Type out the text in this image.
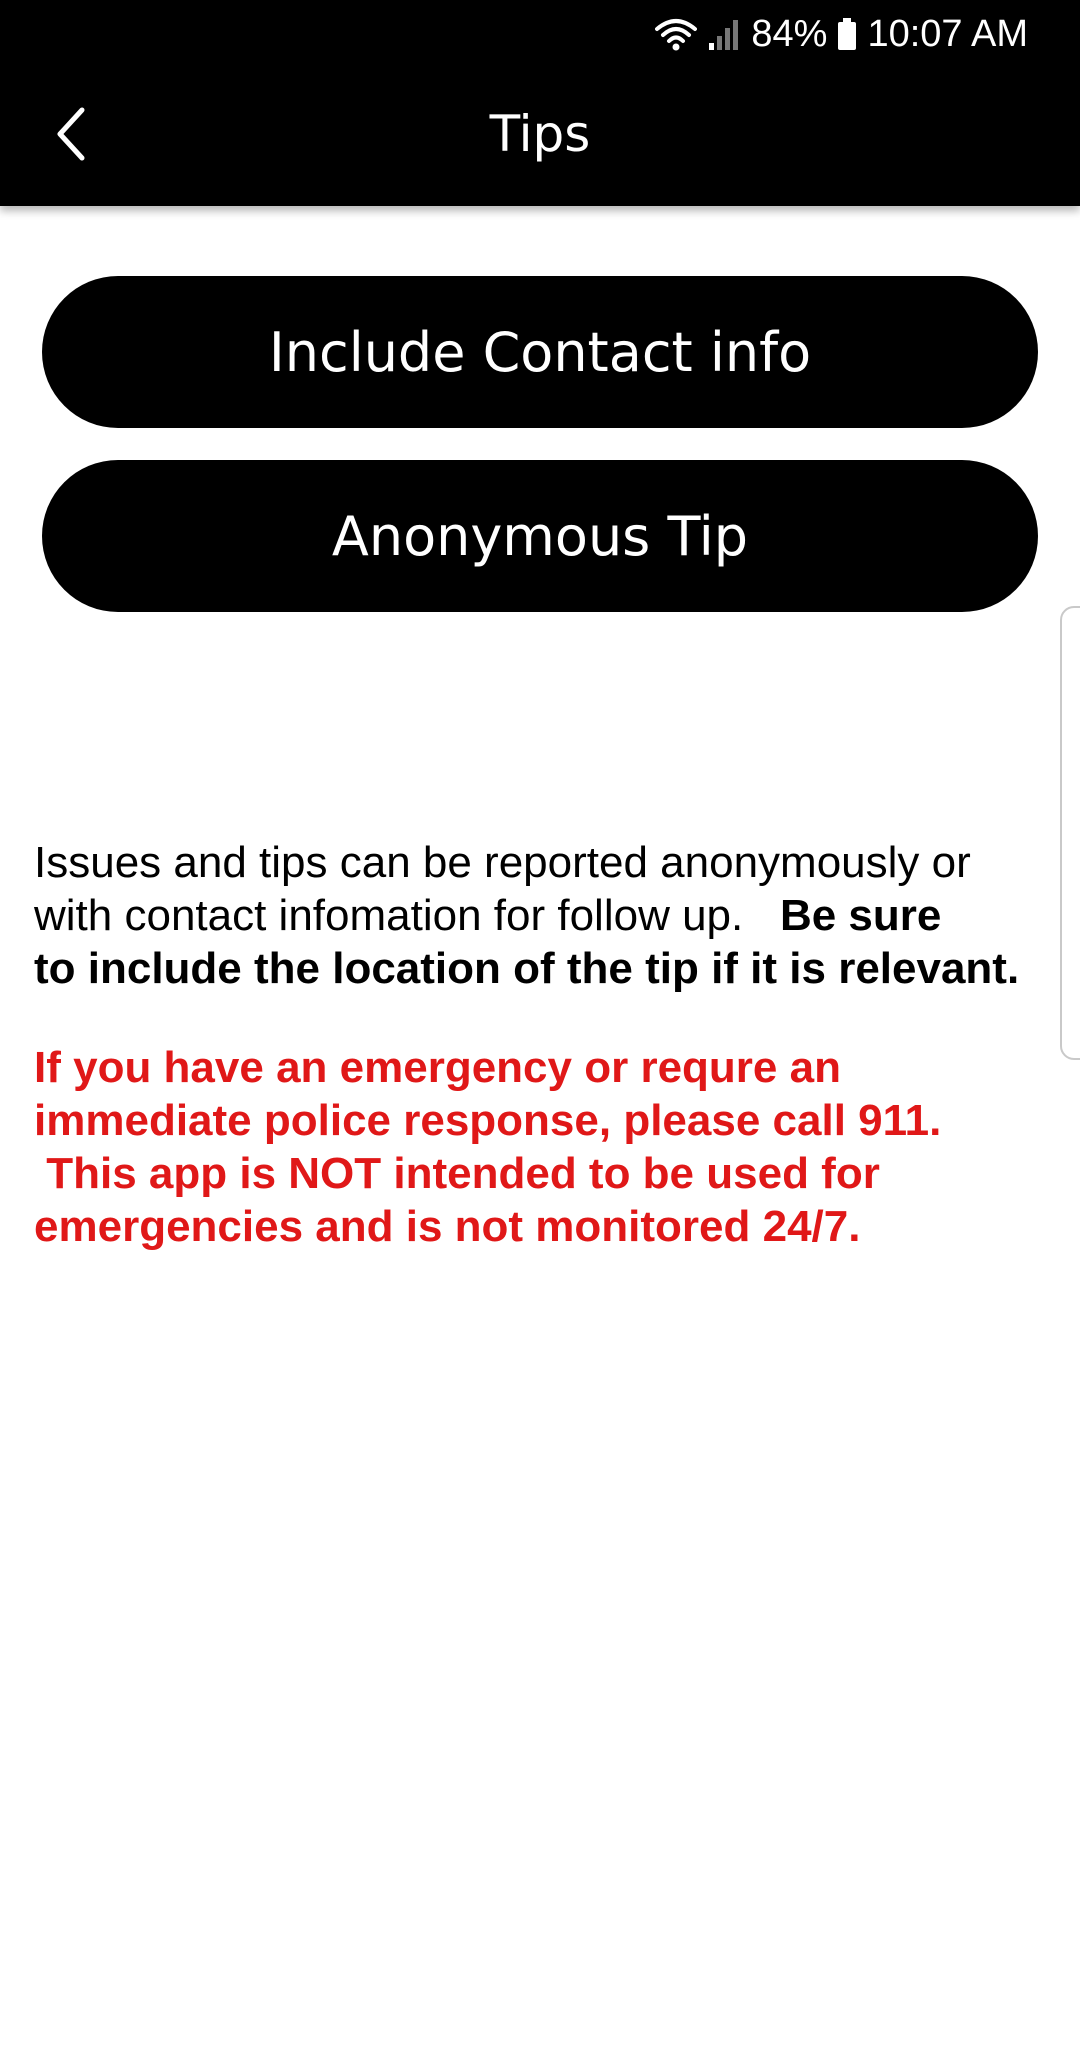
84% 10:07 AM
Tips
Include Contact info
Anonymous Tip

Issues and tips can be reported anonymously or
with contact infomation for follow up. Be sure
to include the location of the tip if it is relevant.

If you have an emergency or requre an
immediate police response, please call 911.
This app is NOT intended to be used for
emergencies and is not monitored 24/7.
